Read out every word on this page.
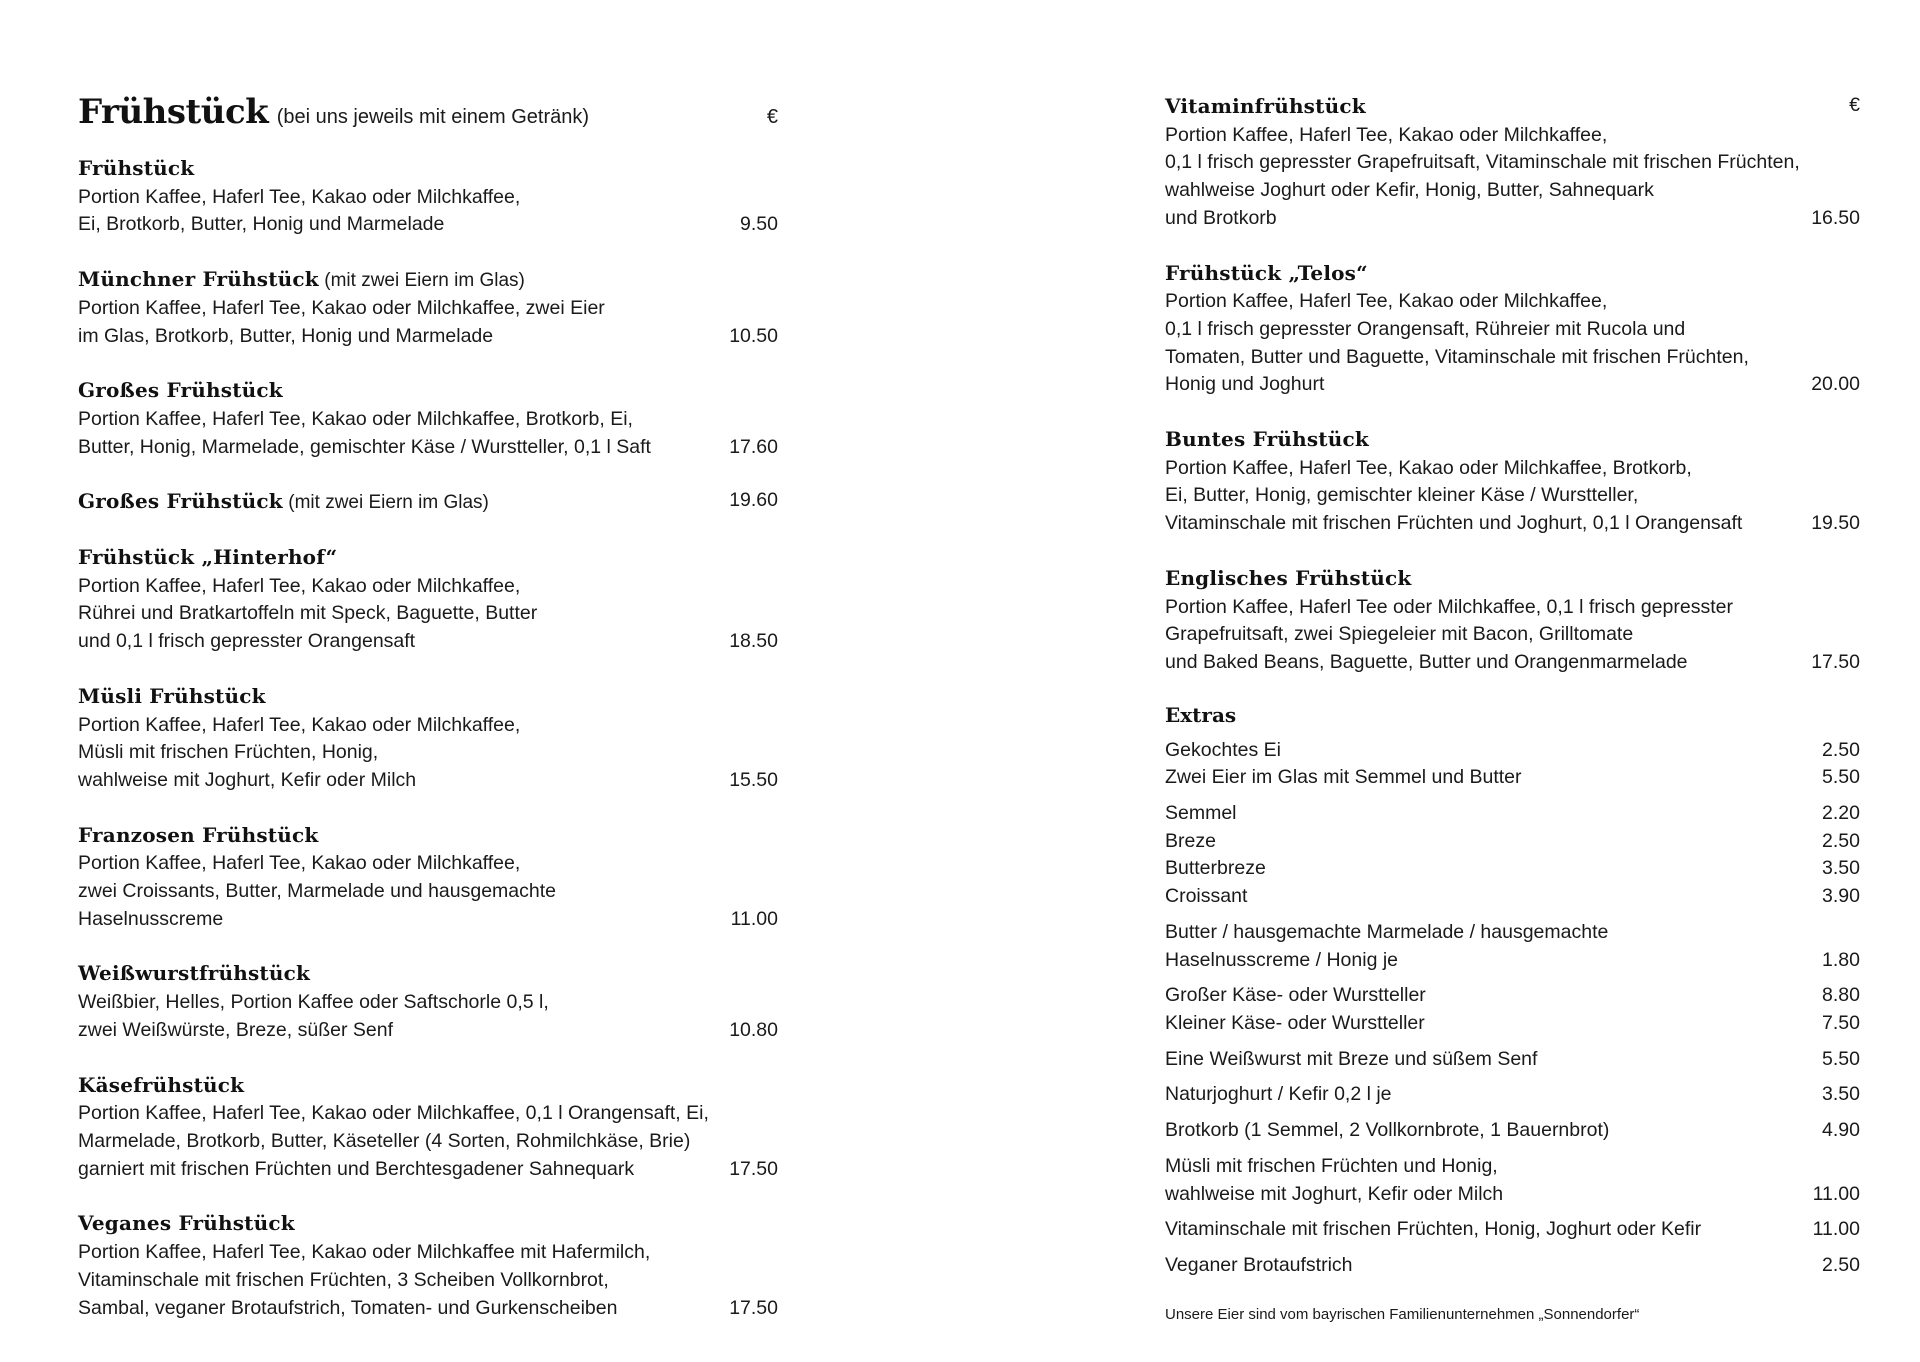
Frühstück (bei uns jeweils mit einem Getränk)	€
Frühstück
Portion Kaffee, Haferl Tee, Kakao oder Milchkaffee,
Ei, Brotkorb, Butter, Honig und Marmelade	9.50
Münchner Frühstück (mit zwei Eiern im Glas)
Portion Kaffee, Haferl Tee, Kakao oder Milchkaffee, zwei Eier
im Glas, Brotkorb, Butter, Honig und Marmelade	10.50
Großes Frühstück
Portion Kaffee, Haferl Tee, Kakao oder Milchkaffee, Brotkorb, Ei,
Butter, Honig, Marmelade, gemischter Käse / Wurstteller, 0,1 l Saft	17.60
Großes Frühstück (mit zwei Eiern im Glas)	19.60
Frühstück „Hinterhof“
Portion Kaffee, Haferl Tee, Kakao oder Milchkaffee,
Rührei und Bratkartoffeln mit Speck, Baguette, Butter
und 0,1 l frisch gepresster Orangensaft	18.50
Müsli Frühstück
Portion Kaffee, Haferl Tee, Kakao oder Milchkaffee,
Müsli mit frischen Früchten, Honig,
wahlweise mit Joghurt, Kefir oder Milch	15.50
Franzosen Frühstück
Portion Kaffee, Haferl Tee, Kakao oder Milchkaffee,
zwei Croissants, Butter, Marmelade und hausgemachte
Haselnusscreme	11.00
Weißwurstfrühstück
Weißbier, Helles, Portion Kaffee oder Saftschorle 0,5 l,
zwei Weißwürste, Breze, süßer Senf	10.80
Käsefrühstück
Portion Kaffee, Haferl Tee, Kakao oder Milchkaffee, 0,1 l Orangensaft, Ei,
Marmelade, Brotkorb, Butter, Käseteller (4 Sorten, Rohmilchkäse, Brie)
garniert mit frischen Früchten und Berchtesgadener Sahnequark	17.50
Veganes Frühstück
Portion Kaffee, Haferl Tee, Kakao oder Milchkaffee mit Hafermilch,
Vitaminschale mit frischen Früchten, 3 Scheiben Vollkornbrot,
Sambal, veganer Brotaufstrich, Tomaten- und Gurkenscheiben	17.50
Vitaminfrühstück	€
Portion Kaffee, Haferl Tee, Kakao oder Milchkaffee,
0,1 l frisch gepresster Grapefruitsaft, Vitaminschale mit frischen Früchten,
wahlweise Joghurt oder Kefir, Honig, Butter, Sahnequark
und Brotkorb	16.50
Frühstück „Telos“
Portion Kaffee, Haferl Tee, Kakao oder Milchkaffee,
0,1 l frisch gepresster Orangensaft, Rühreier mit Rucola und
Tomaten, Butter und Baguette, Vitaminschale mit frischen Früchten,
Honig und Joghurt	20.00
Buntes Frühstück
Portion Kaffee, Haferl Tee, Kakao oder Milchkaffee, Brotkorb,
Ei, Butter, Honig, gemischter kleiner Käse / Wurstteller,
Vitaminschale mit frischen Früchten und Joghurt, 0,1 l Orangensaft	19.50
Englisches Frühstück
Portion Kaffee, Haferl Tee oder Milchkaffee, 0,1 l frisch gepresster
Grapefruitsaft, zwei Spiegeleier mit Bacon, Grilltomate
und Baked Beans, Baguette, Butter und Orangenmarmelade	17.50
Extras
Gekochtes Ei	2.50
Zwei Eier im Glas mit Semmel und Butter	5.50
Semmel	2.20
Breze	2.50
Butterbreze	3.50
Croissant	3.90
Butter / hausgemachte Marmelade / hausgemachte
Haselnusscreme / Honig je	1.80
Großer Käse- oder Wurstteller	8.80
Kleiner Käse- oder Wurstteller	7.50
Eine Weißwurst mit Breze und süßem Senf	5.50
Naturjoghurt / Kefir 0,2 l je	3.50
Brotkorb (1 Semmel, 2 Vollkornbrote, 1 Bauernbrot)	4.90
Müsli mit frischen Früchten und Honig,
wahlweise mit Joghurt, Kefir oder Milch	11.00
Vitaminschale mit frischen Früchten, Honig, Joghurt oder Kefir	11.00
Veganer Brotaufstrich	2.50
Unsere Eier sind vom bayrischen Familienunternehmen „Sonnendorfer“
